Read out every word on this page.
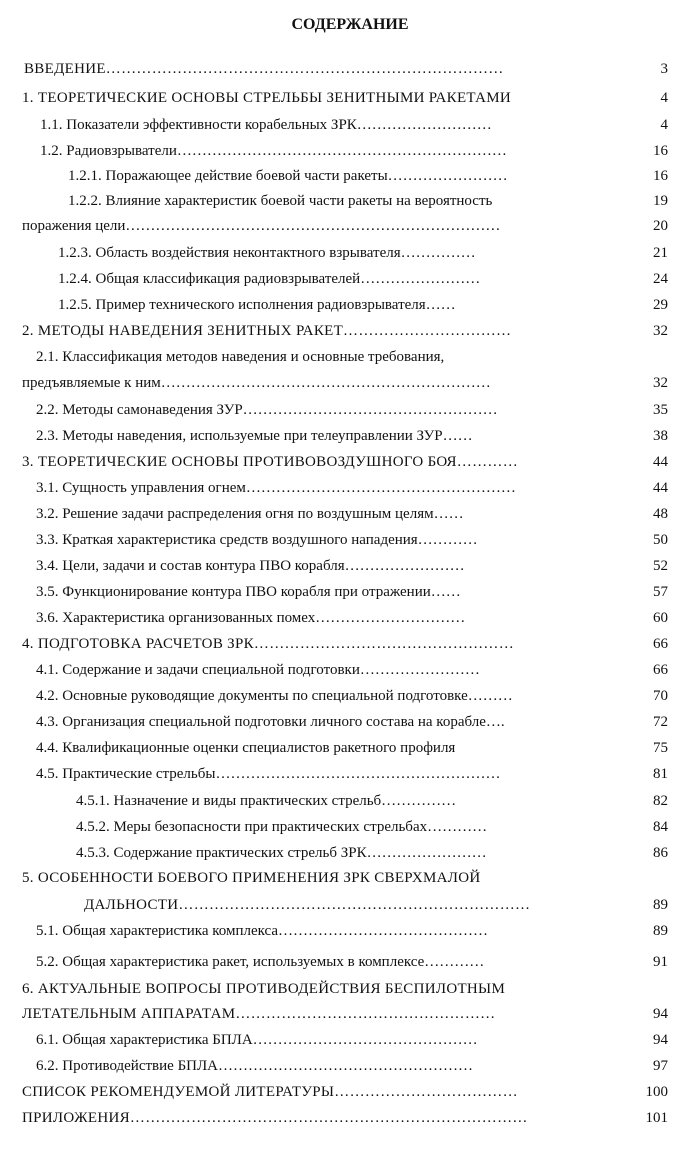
СОДЕРЖАНИЕ
ВВЕДЕНИЕ……………………………………………………………………	3
1. ТЕОРЕТИЧЕСКИЕ ОСНОВЫ СТРЕЛЬБЫ ЗЕНИТНЫМИ РАКЕТАМИ	4
1.1. Показатели эффективности корабельных ЗРК………………………	4
1.2. Радиовзрыватели…………………………………………………………	16
1.2.1. Поражающее действие боевой части ракеты……………………	16
1.2.2. Влияние характеристик боевой части ракеты на вероятность	19
поражения цели…………………………………………………………………	20
1.2.3. Область воздействия неконтактного взрывателя……………	21
1.2.4. Общая классификация радиовзрывателей……………………	24
1.2.5. Пример технического исполнения радиовзрывателя……	29
2. МЕТОДЫ НАВЕДЕНИЯ ЗЕНИТНЫХ РАКЕТ……………………………	32
2.1. Классификация методов наведения и основные требования,
предъявляемые к ним…………………………………………………………	32
2.2. Методы самонаведения ЗУР……………………………………………	35
2.3. Методы наведения, используемые при телеуправлении ЗУР……	38
3. ТЕОРЕТИЧЕСКИЕ ОСНОВЫ ПРОТИВОВОЗДУШНОГО БОЯ…………	44
3.1. Сущность управления огнем………………………………………………	44
3.2. Решение задачи распределения огня по воздушным целям……	48
3.3. Краткая характеристика средств воздушного нападения…………	50
3.4. Цели, задачи и состав контура ПВО корабля……………………	52
3.5. Функционирование контура ПВО корабля при отражении……	57
3.6. Характеристика организованных помех…………………………	60
4. ПОДГОТОВКА РАСЧЕТОВ ЗРК……………………………………………	66
4.1. Содержание и задачи специальной подготовки……………………	66
4.2. Основные руководящие документы по специальной подготовке………	70
4.3. Организация специальной подготовки личного состава на корабле….	72
4.4. Квалификационные оценки специалистов ракетного профиля	75
4.5. Практические стрельбы…………………………………………………	81
4.5.1. Назначение и виды практических стрельб……………	82
4.5.2. Меры безопасности при практических стрельбах…………	84
4.5.3. Содержание практических стрельб ЗРК……………………	86
5. ОСОБЕННОСТИ БОЕВОГО ПРИМЕНЕНИЯ ЗРК СВЕРХМАЛОЙ
ДАЛЬНОСТИ……………………………………………………………	89
5.1. Общая характеристика комплекса……………………………………	89
5.2. Общая характеристика ракет, используемых в комплексе…………	91
6. АКТУАЛЬНЫЕ ВОПРОСЫ ПРОТИВОДЕЙСТВИЯ БЕСПИЛОТНЫМ
ЛЕТАТЕЛЬНЫМ АППАРАТАМ……………………………………………	94
6.1. Общая характеристика БПЛА………………………………………	94
6.2. Противодействие БПЛА……………………………………………	97
СПИСОК РЕКОМЕНДУЕМОЙ ЛИТЕРАТУРЫ………………………………	100
ПРИЛОЖЕНИЯ……………………………………………………………………	101
